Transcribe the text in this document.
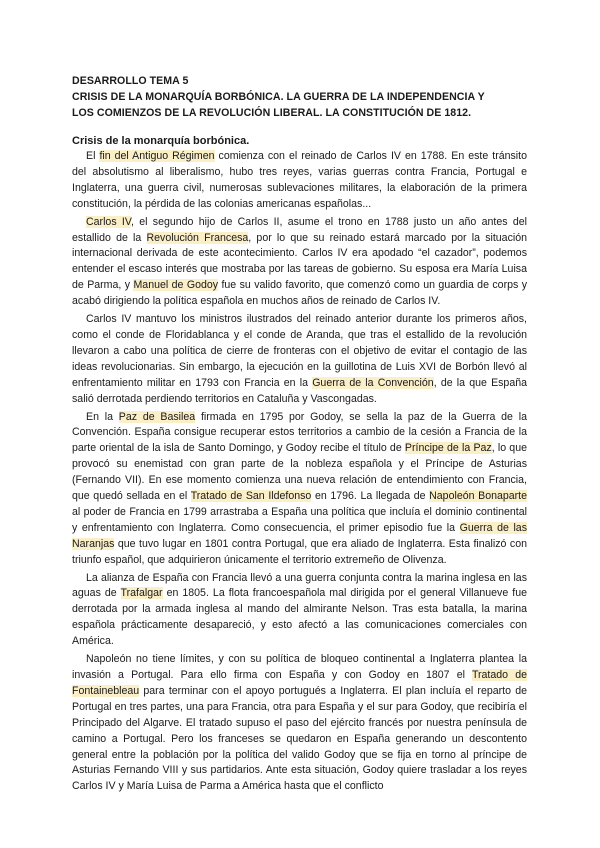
DESARROLLO TEMA 5
CRISIS DE LA MONARQUÍA BORBÓNICA. LA GUERRA DE LA INDEPENDENCIA Y
LOS COMIENZOS DE LA REVOLUCIÓN LIBERAL. LA CONSTITUCIÓN DE 1812.
Crisis de la monarquía borbónica.

El fin del Antiguo Régimen comienza con el reinado de Carlos IV en 1788. En este tránsito del absolutismo al liberalismo, hubo tres reyes, varias guerras contra Francia, Portugal e Inglaterra, una guerra civil, numerosas sublevaciones militares, la elaboración de la primera constitución, la pérdida de las colonias americanas españolas...

Carlos IV, el segundo hijo de Carlos II, asume el trono en 1788 justo un año antes del estallido de la Revolución Francesa, por lo que su reinado estará marcado por la situación internacional derivada de este acontecimiento. Carlos IV era apodado “el cazador”, podemos entender el escaso interés que mostraba por las tareas de gobierno. Su esposa era María Luisa de Parma, y Manuel de Godoy fue su valido favorito, que comenzó como un guardia de corps y acabó dirigiendo la política española en muchos años de reinado de Carlos IV.

Carlos IV mantuvo los ministros ilustrados del reinado anterior durante los primeros años, como el conde de Floridablanca y el conde de Aranda, que tras el estallido de la revolución llevaron a cabo una política de cierre de fronteras con el objetivo de evitar el contagio de las ideas revolucionarias. Sin embargo, la ejecución en la guillotina de Luis XVI de Borbón llevó al enfrentamiento militar en 1793 con Francia en la Guerra de la Convención, de la que España salió derrotada perdiendo territorios en Cataluña y Vascongadas.

En la Paz de Basilea firmada en 1795 por Godoy, se sella la paz de la Guerra de la Convención. España consigue recuperar estos territorios a cambio de la cesión a Francia de la parte oriental de la isla de Santo Domingo, y Godoy recibe el título de Príncipe de la Paz, lo que provocó su enemistad con gran parte de la nobleza española y el Príncipe de Asturias (Fernando VII). En ese momento comienza una nueva relación de entendimiento con Francia, que quedó sellada en el Tratado de San Ildefonso en 1796. La llegada de Napoleón Bonaparte al poder de Francia en 1799 arrastraba a España una política que incluía el dominio continental y enfrentamiento con Inglaterra. Como consecuencia, el primer episodio fue la Guerra de las Naranjas que tuvo lugar en 1801 contra Portugal, que era aliado de Inglaterra. Esta finalizó con triunfo español, que adquirieron únicamente el territorio extremeño de Olivenza.

La alianza de España con Francia llevó a una guerra conjunta contra la marina inglesa en las aguas de Trafalgar en 1805. La flota francoespañola mal dirigida por el general Villanueve fue derrotada por la armada inglesa al mando del almirante Nelson. Tras esta batalla, la marina española prácticamente desapareció, y esto afectó a las comunicaciones comerciales con América.

Napoleón no tiene límites, y con su política de bloqueo continental a Inglaterra plantea la invasión a Portugal. Para ello firma con España y con Godoy en 1807 el Tratado de Fontainebleau para terminar con el apoyo portugués a Inglaterra. El plan incluía el reparto de Portugal en tres partes, una para Francia, otra para España y el sur para Godoy, que recibiría el Principado del Algarve. El tratado supuso el paso del ejército francés por nuestra península de camino a Portugal. Pero los franceses se quedaron en España generando un descontento general entre la población por la política del valido Godoy que se fija en torno al príncipe de Asturias Fernando VIII y sus partidarios. Ante esta situación, Godoy quiere trasladar a los reyes Carlos IV y María Luisa de Parma a América hasta que el conflicto
